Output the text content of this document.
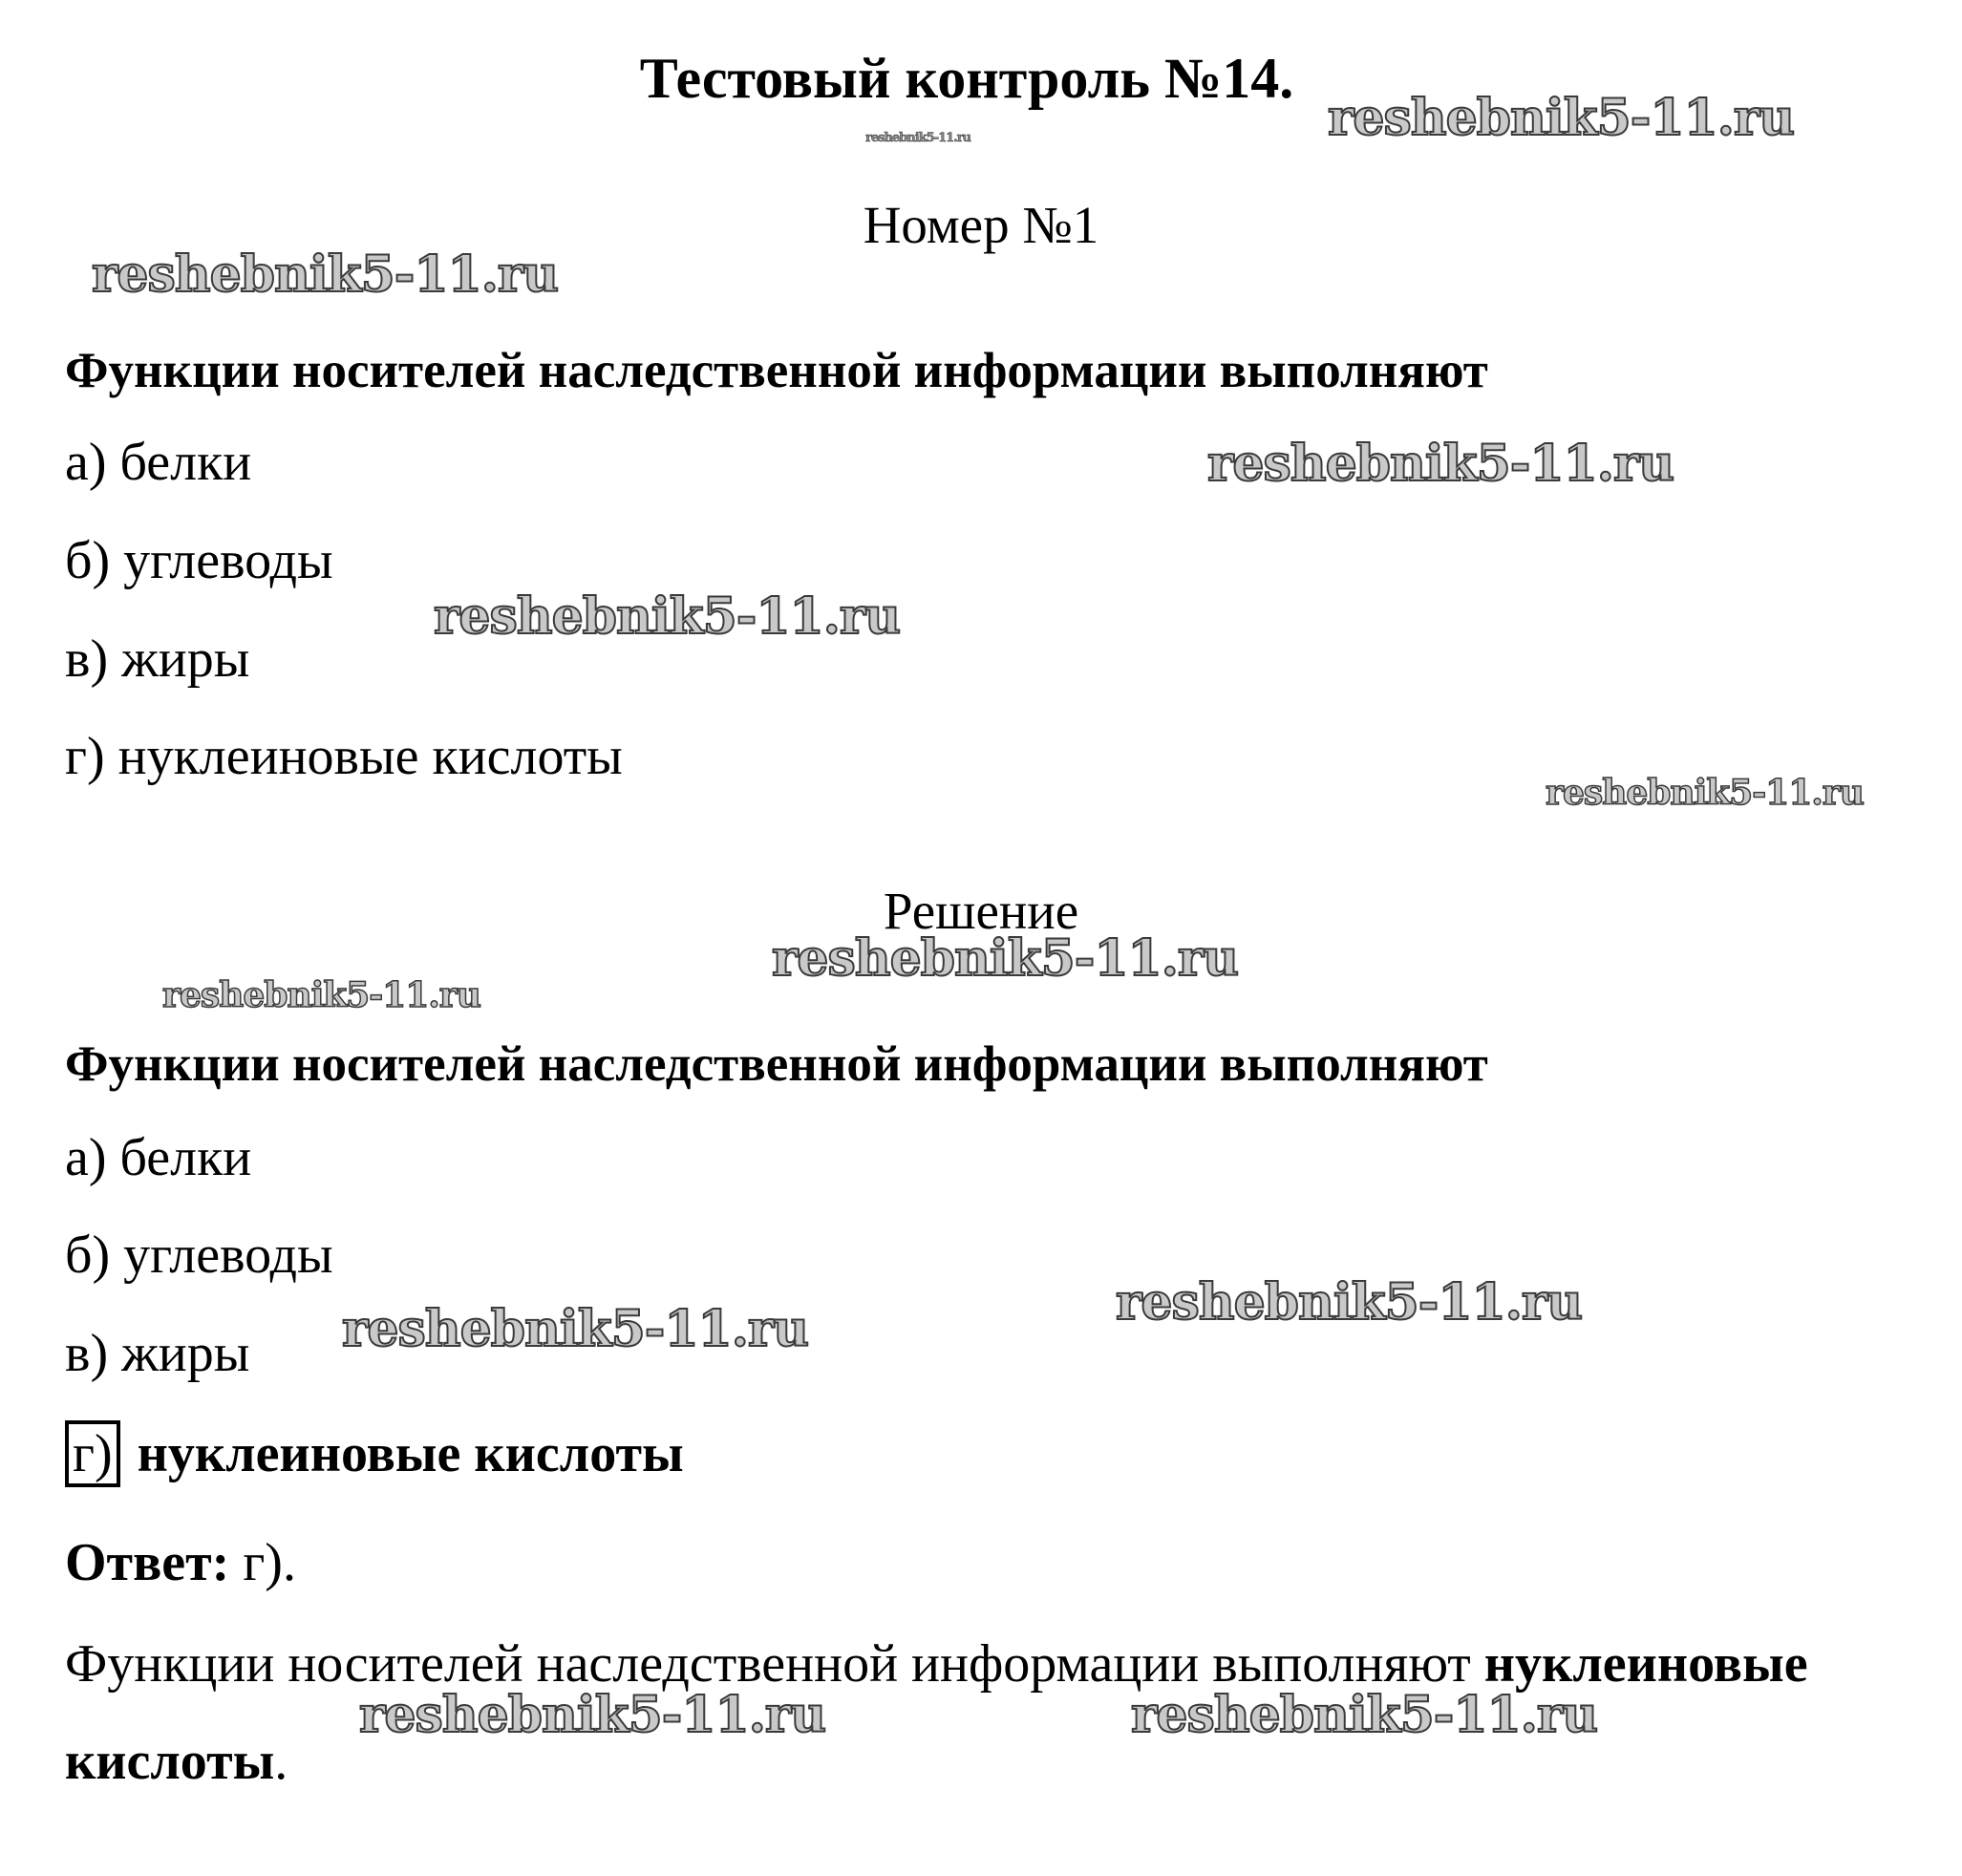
Тестовый контроль №14.
Номер №1
Функции носителей наследственной информации выполняют
а) белки
б) углеводы
в) жиры
г) нуклеиновые кислоты
Решение
Функции носителей наследственной информации выполняют
а) белки
б) углеводы
в) жиры
г) нуклеиновые кислоты
Ответ: г).
Функции носителей наследственной информации выполняют нуклеиновые
кислоты.
reshebnik5-11.ru
reshebnik5-11.ru
reshebnik5-11.ru
reshebnik5-11.ru
reshebnik5-11.ru
reshebnik5-11.ru
reshebnik5-11.ru
reshebnik5-11.ru
reshebnik5-11.ru
reshebnik5-11.ru
reshebnik5-11.ru	reshebnik5-11.ru
